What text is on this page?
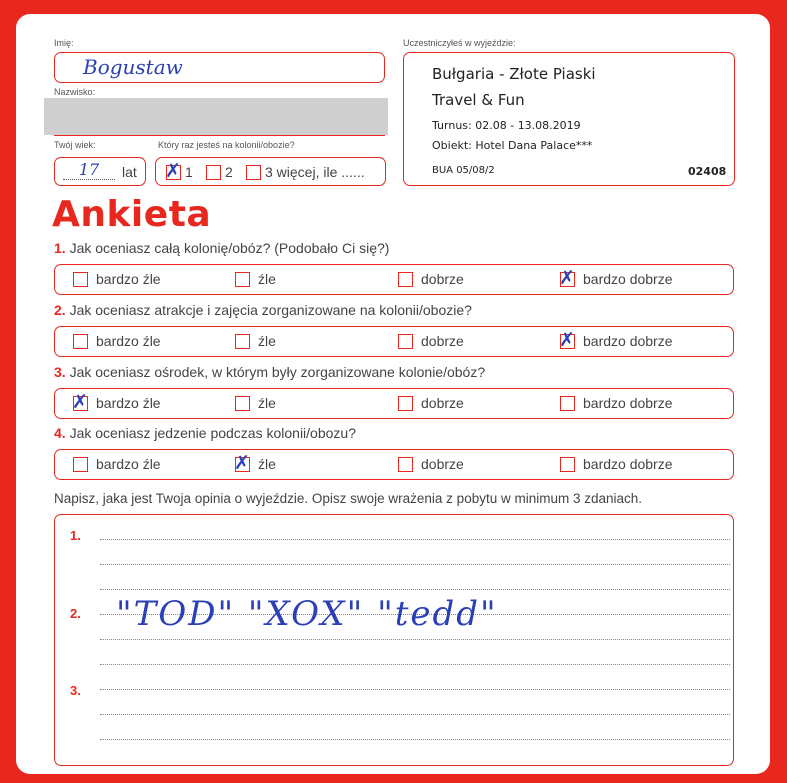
Imię:
Bogustaw
Nazwisko:
Twój wiek:
17	lat
Który raz jesteś na kolonii/obozie?
✗ 1 2 3 więcej, ile ......
Uczestniczyłeś w wyjeździe:
Bułgaria - Złote Piaski
Travel & Fun
Turnus: 02.08 - 13.08.2019
Obiekt: Hotel Dana Palace***
BUA 05/08/2	02408
Ankieta
1. Jak oceniasz całą kolonię/obóz? (Podobało Ci się?)
bardzo źle	źle	dobrze	✗ bardzo dobrze
2. Jak oceniasz atrakcje i zajęcia zorganizowane na kolonii/obozie?
bardzo źle	źle	dobrze	✗ bardzo dobrze
3. Jak oceniasz ośrodek, w którym były zorganizowane kolonie/obóz?
✗ bardzo źle	źle	dobrze	bardzo dobrze
4. Jak oceniasz jedzenie podczas kolonii/obozu?
bardzo źle	✗ źle	dobrze	bardzo dobrze
Napisz, jaka jest Twoja opinia o wyjeździe. Opisz swoje wrażenia z pobytu w minimum 3 zdaniach.
1.
2.
3.
"TOD" "XOX" "tedd"
